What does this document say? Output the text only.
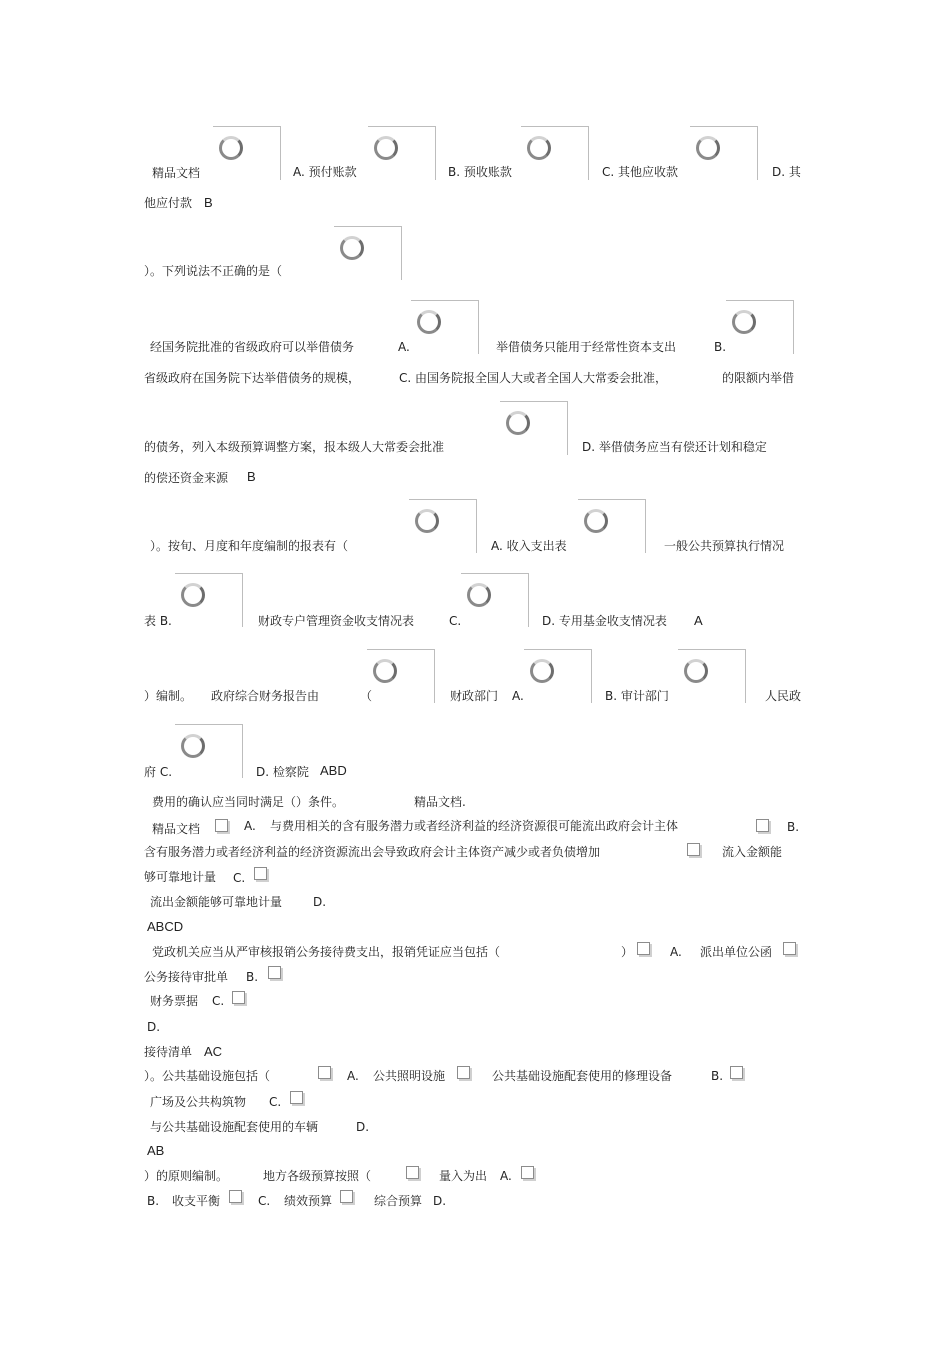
精品文档	A. 预付账款	B. 预收账款	C. 其他应收款	D. 其
他应付款 B
）。下列说法不正确的是（
经国务院批准的省级政府可以举借债务	A.	举借债务只能用于经常性资本支出	B.
省级政府在国务院下达举借债务的规模，	C. 由国务院报全国人大或者全国人大常委会批准，	的限额内举借
的债务，列入本级预算调整方案，报本级人大常委会批准	D. 举借债务应当有偿还计划和稳定
的偿还资金来源 B
）。按旬、月度和年度编制的报表有（	A. 收入支出表	一般公共预算执行情况
表 B.	财政专户管理资金收支情况表	C.	D. 专用基金收支情况表 A
）编制。 政府综合财务报告由	（	财政部门 A.	B. 审计部门	人民政
府 C.	D. 检察院 ABD
费用的确认应当同时满足（）条件。	精品文档.
精品文档	A. 与费用相关的含有服务潜力或者经济利益的经济资源很可能流出政府会计主体	B.
含有服务潜力或者经济利益的经济资源流出会导致政府会计主体资产减少或者负债增加	流入金额能
够可靠地计量 C.
流出金额能够可靠地计量	D.
ABCD
党政机关应当从严审核报销公务接待费支出，报销凭证应当包括（	）	A. 派出单位公函
公务接待审批单 B.
财务票据 C.
D.
接待清单 AC
）。公共基础设施包括（	A. 公共照明设施	公共基础设施配套使用的修理设备	B.
广场及公共构筑物 C.
与公共基础设施配套使用的车辆	D.
AB
）的原则编制。	地方各级预算按照（	量入为出 A.
B. 收支平衡	C. 绩效预算	综合预算 D.
